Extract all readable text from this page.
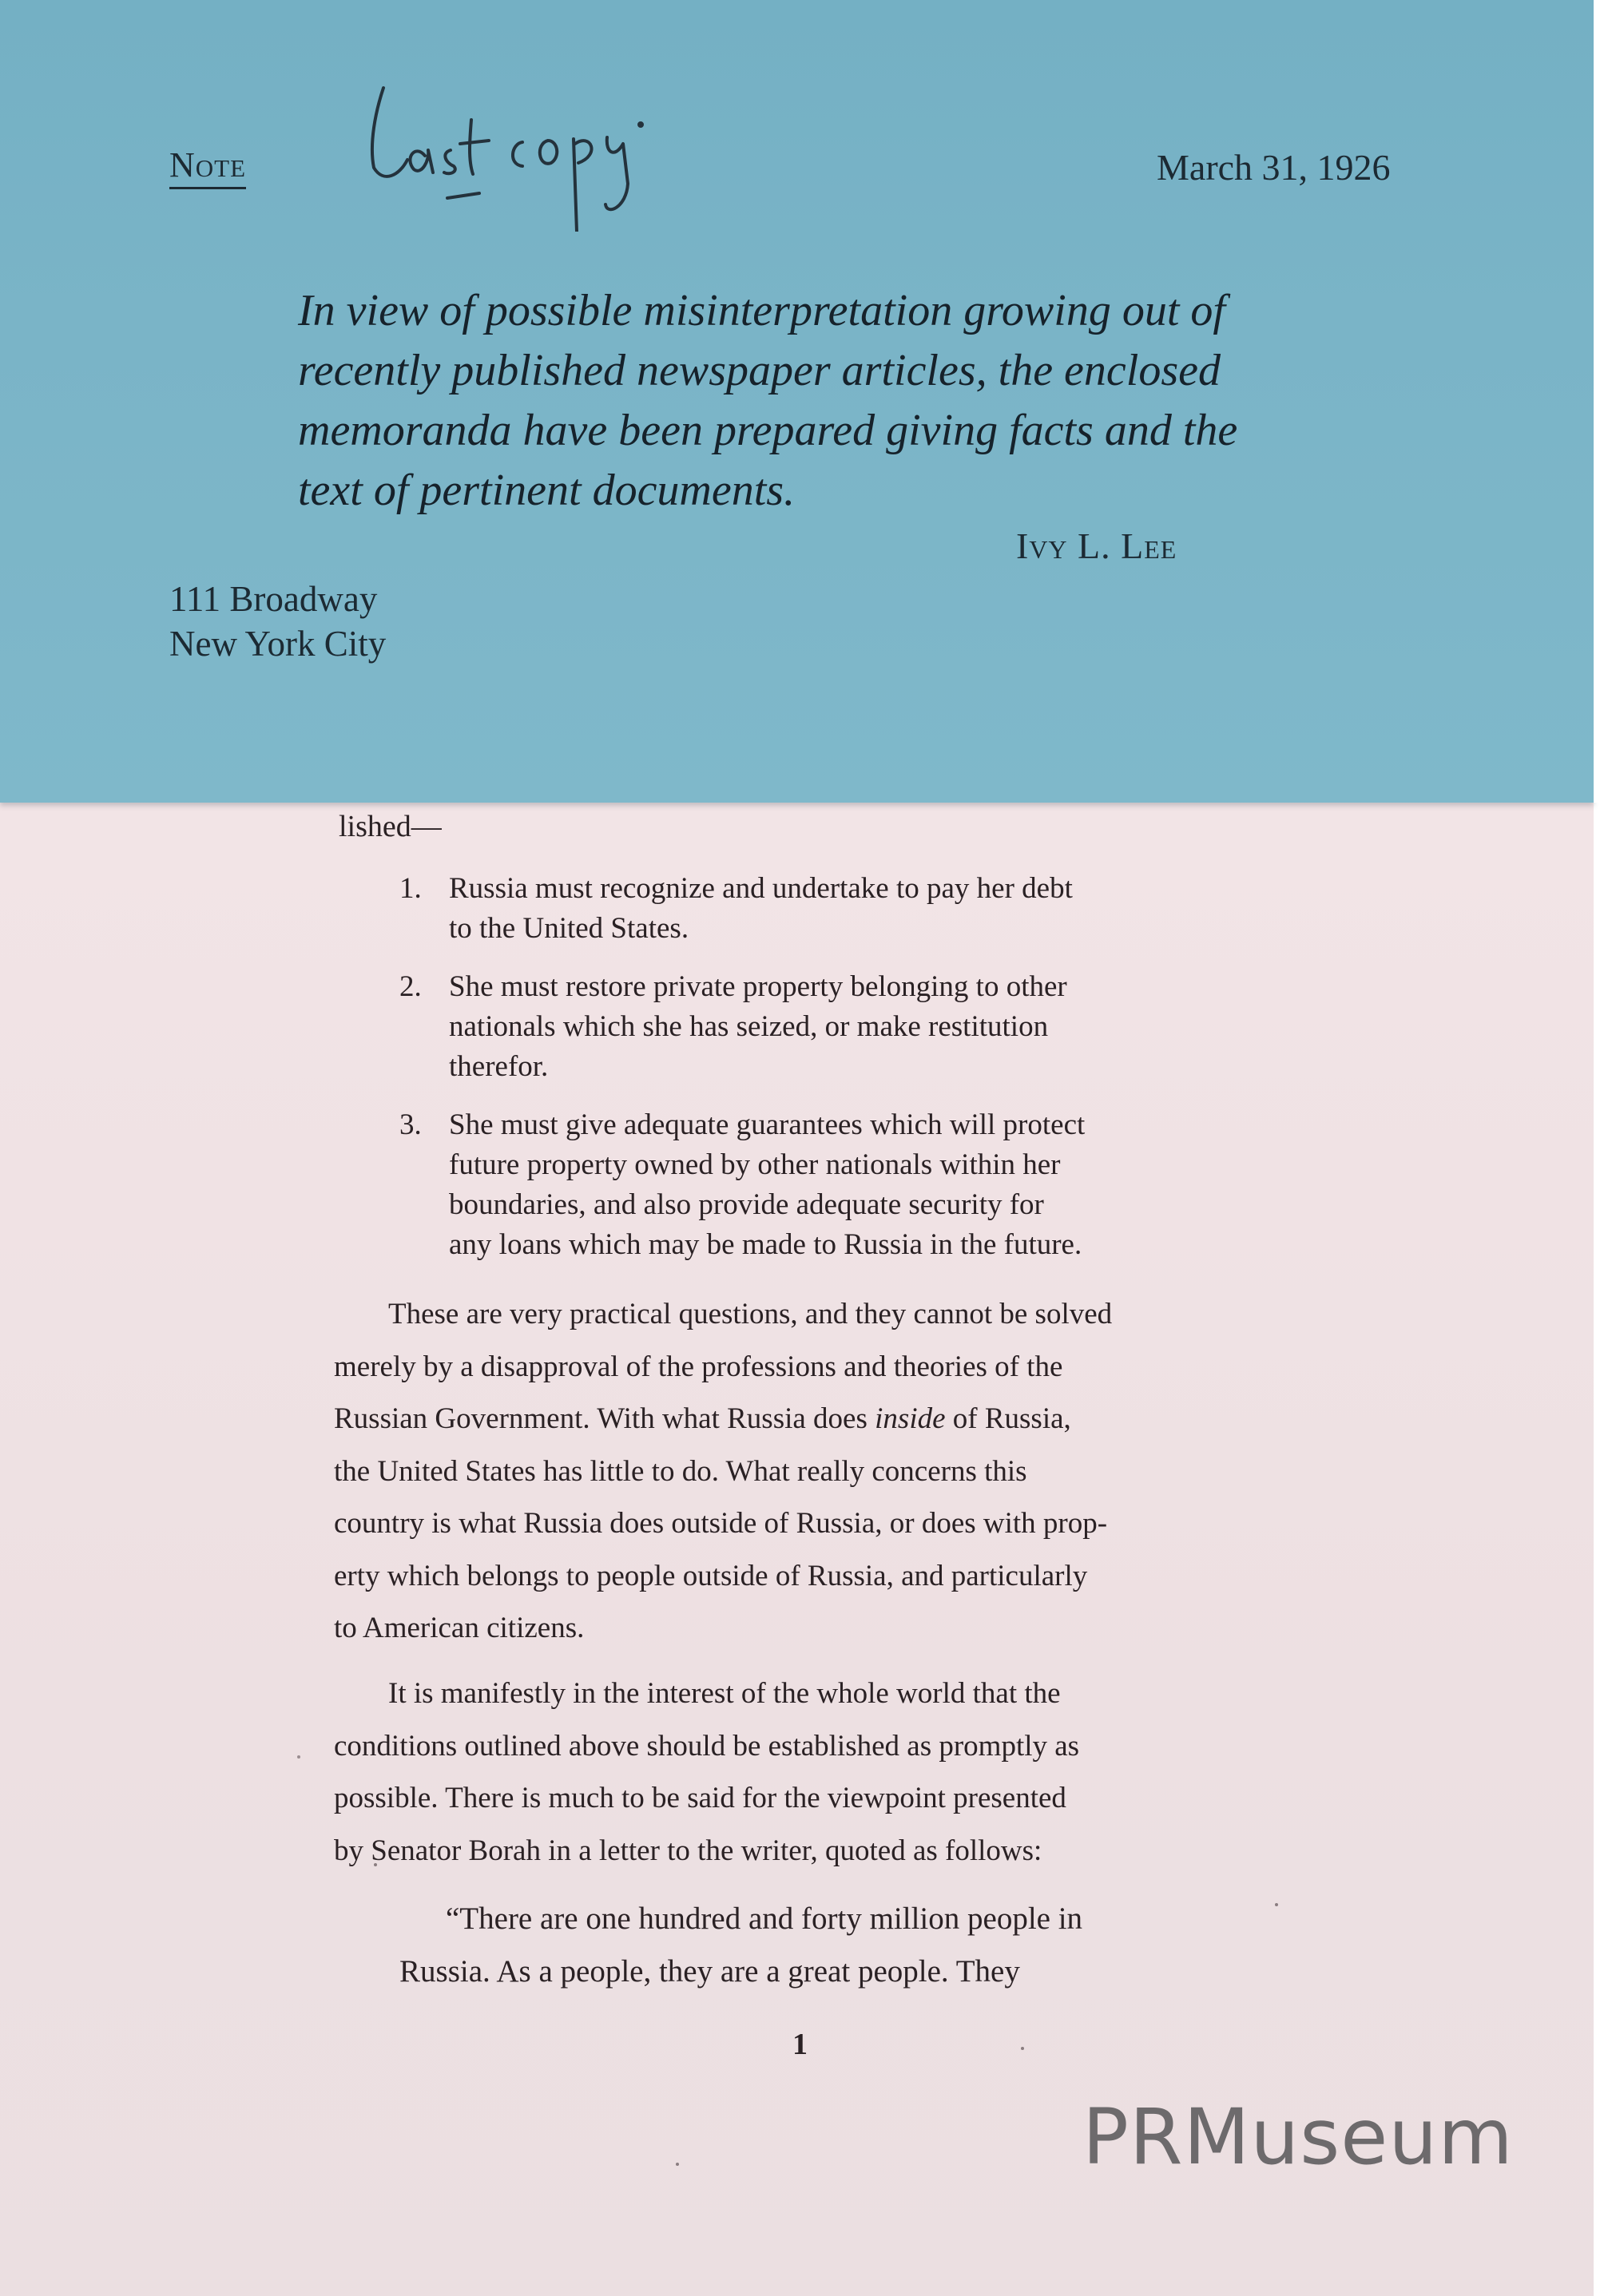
Note
Last copy
March 31, 1926
In view of possible misinterpretation growing out of
recently published newspaper articles, the enclosed
memoranda have been prepared giving facts and the
text of pertinent documents.
Ivy L. Lee
111 Broadway
New York City
lished—
1. Russia must recognize and undertake to pay her debt
to the United States.
2. She must restore private property belonging to other
nationals which she has seized, or make restitution
therefor.
3. She must give adequate guarantees which will protect
future property owned by other nationals within her
boundaries, and also provide adequate security for
any loans which may be made to Russia in the future.
These are very practical questions, and they cannot be solved
merely by a disapproval of the professions and theories of the
Russian Government. With what Russia does inside of Russia,
the United States has little to do. What really concerns this
country is what Russia does outside of Russia, or does with prop-
erty which belongs to people outside of Russia, and particularly
to American citizens.
It is manifestly in the interest of the whole world that the
conditions outlined above should be established as promptly as
possible. There is much to be said for the viewpoint presented
by Senator Borah in a letter to the writer, quoted as follows:
“There are one hundred and forty million people in
Russia. As a people, they are a great people. They
1
PRMuseum
